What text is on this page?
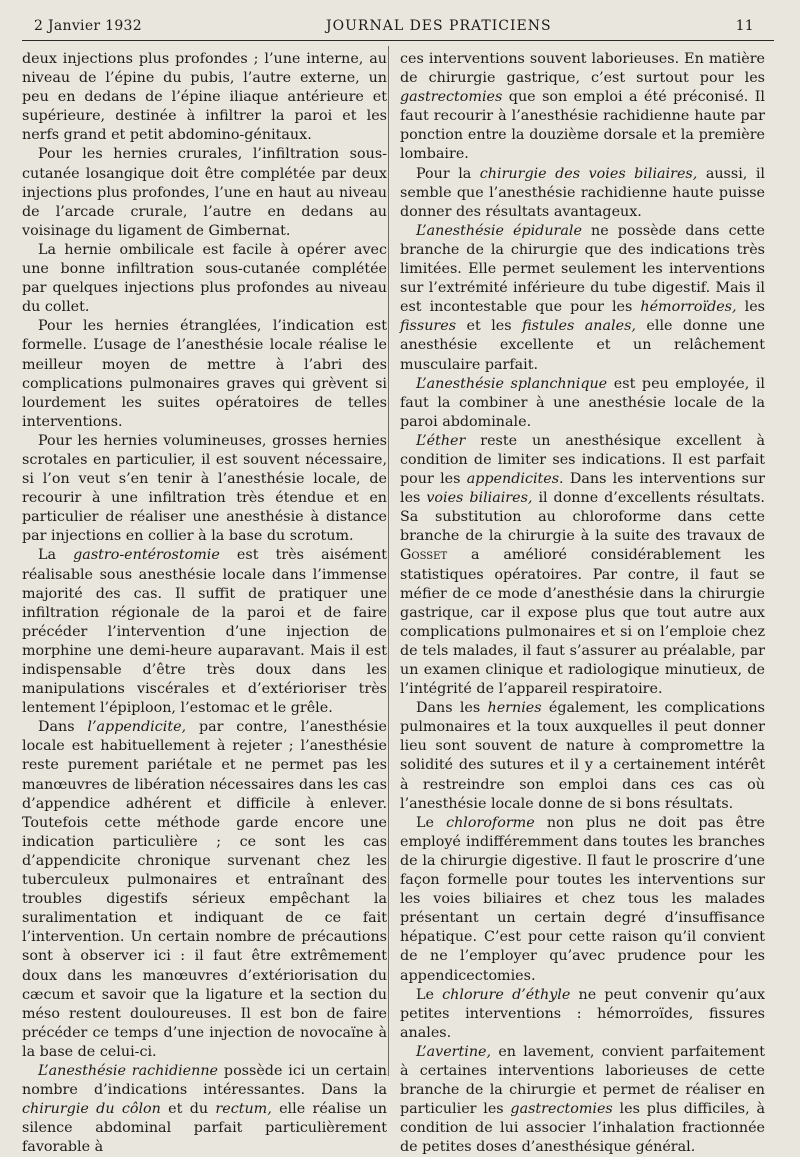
2 Janvier 1932	JOURNAL DES PRATICIENS	11

deux injections plus profondes ; l’une interne, au niveau de l’épine du pubis, l’autre externe, un peu en dedans de l’épine iliaque antérieure et supérieure, destinée à infiltrer la paroi et les nerfs grand et petit abdomino-génitaux.

Pour les hernies crurales, l’infiltration sous-cutanée losangique doit être complétée par deux injections plus profondes, l’une en haut au niveau de l’arcade crurale, l’autre en dedans au voisinage du ligament de Gimbernat.

La hernie ombilicale est facile à opérer avec une bonne infiltration sous-cutanée complétée par quelques injections plus profondes au niveau du collet.

Pour les hernies étranglées, l’indication est formelle. L’usage de l’anesthésie locale réalise le meilleur moyen de mettre à l’abri des complications pulmonaires graves qui grèvent si lourdement les suites opératoires de telles interventions.

Pour les hernies volumineuses, grosses hernies scrotales en particulier, il est souvent nécessaire, si l’on veut s’en tenir à l’anesthésie locale, de recourir à une infiltration très étendue et en particulier de réaliser une anesthésie à distance par injections en collier à la base du scrotum.

La gastro-entérostomie est très aisément réalisable sous anesthésie locale dans l’immense majorité des cas. Il suffit de pratiquer une infiltration régionale de la paroi et de faire précéder l’intervention d’une injection de morphine une demi-heure auparavant. Mais il est indispensable d’être très doux dans les manipulations viscérales et d’extérioriser très lentement l’épiploon, l’estomac et le grêle.

Dans l’appendicite, par contre, l’anesthésie locale est habituellement à rejeter ; l’anesthésie reste purement pariétale et ne permet pas les manœuvres de libération nécessaires dans les cas d’appendice adhérent et difficile à enlever. Toutefois cette méthode garde encore une indication particulière ; ce sont les cas d’appendicite chronique survenant chez les tuberculeux pulmonaires et entraînant des troubles digestifs sérieux empêchant la suralimentation et indiquant de ce fait l’intervention. Un certain nombre de précautions sont à observer ici : il faut être extrêmement doux dans les manœuvres d’extériorisation du cæcum et savoir que la ligature et la section du méso restent douloureuses. Il est bon de faire précéder ce temps d’une injection de novocaïne à la base de celui-ci.

L’anesthésie rachidienne possède ici un certain nombre d’indications intéressantes. Dans la chirurgie du côlon et du rectum, elle réalise un silence abdominal parfait particulièrement favorable à

ces interventions souvent laborieuses. En matière de chirurgie gastrique, c’est surtout pour les gastrectomies que son emploi a été préconisé. Il faut recourir à l’anesthésie rachidienne haute par ponction entre la douzième dorsale et la première lombaire.

Pour la chirurgie des voies biliaires, aussi, il semble que l’anesthésie rachidienne haute puisse donner des résultats avantageux.

L’anesthésie épidurale ne possède dans cette branche de la chirurgie que des indications très limitées. Elle permet seulement les interventions sur l’extrémité inférieure du tube digestif. Mais il est incontestable que pour les hémorroïdes, les fissures et les fistules anales, elle donne une anesthésie excellente et un relâchement musculaire parfait.

L’anesthésie splanchnique est peu employée, il faut la combiner à une anesthésie locale de la paroi abdominale.

L’éther reste un anesthésique excellent à condition de limiter ses indications. Il est parfait pour les appendicites. Dans les interventions sur les voies biliaires, il donne d’excellents résultats. Sa substitution au chloroforme dans cette branche de la chirurgie à la suite des travaux de Gosset a amélioré considérablement les statistiques opératoires. Par contre, il faut se méfier de ce mode d’anesthésie dans la chirurgie gastrique, car il expose plus que tout autre aux complications pulmonaires et si on l’emploie chez de tels malades, il faut s’assurer au préalable, par un examen clinique et radiologique minutieux, de l’intégrité de l’appareil respiratoire.

Dans les hernies également, les complications pulmonaires et la toux auxquelles il peut donner lieu sont souvent de nature à compromettre la solidité des sutures et il y a certainement intérêt à restreindre son emploi dans ces cas où l’anesthésie locale donne de si bons résultats.

Le chloroforme non plus ne doit pas être employé indifféremment dans toutes les branches de la chirurgie digestive. Il faut le proscrire d’une façon formelle pour toutes les interventions sur les voies biliaires et chez tous les malades présentant un certain degré d’insuffisance hépatique. C’est pour cette raison qu’il convient de ne l’employer qu’avec prudence pour les appendicectomies.

Le chlorure d’éthyle ne peut convenir qu’aux petites interventions : hémorroïdes, fissures anales.

L’avertine, en lavement, convient parfaitement à certaines interventions laborieuses de cette branche de la chirurgie et permet de réaliser en particulier les gastrectomies les plus difficiles, à condition de lui associer l’inhalation fractionnée de petites doses d’anesthésique général.
